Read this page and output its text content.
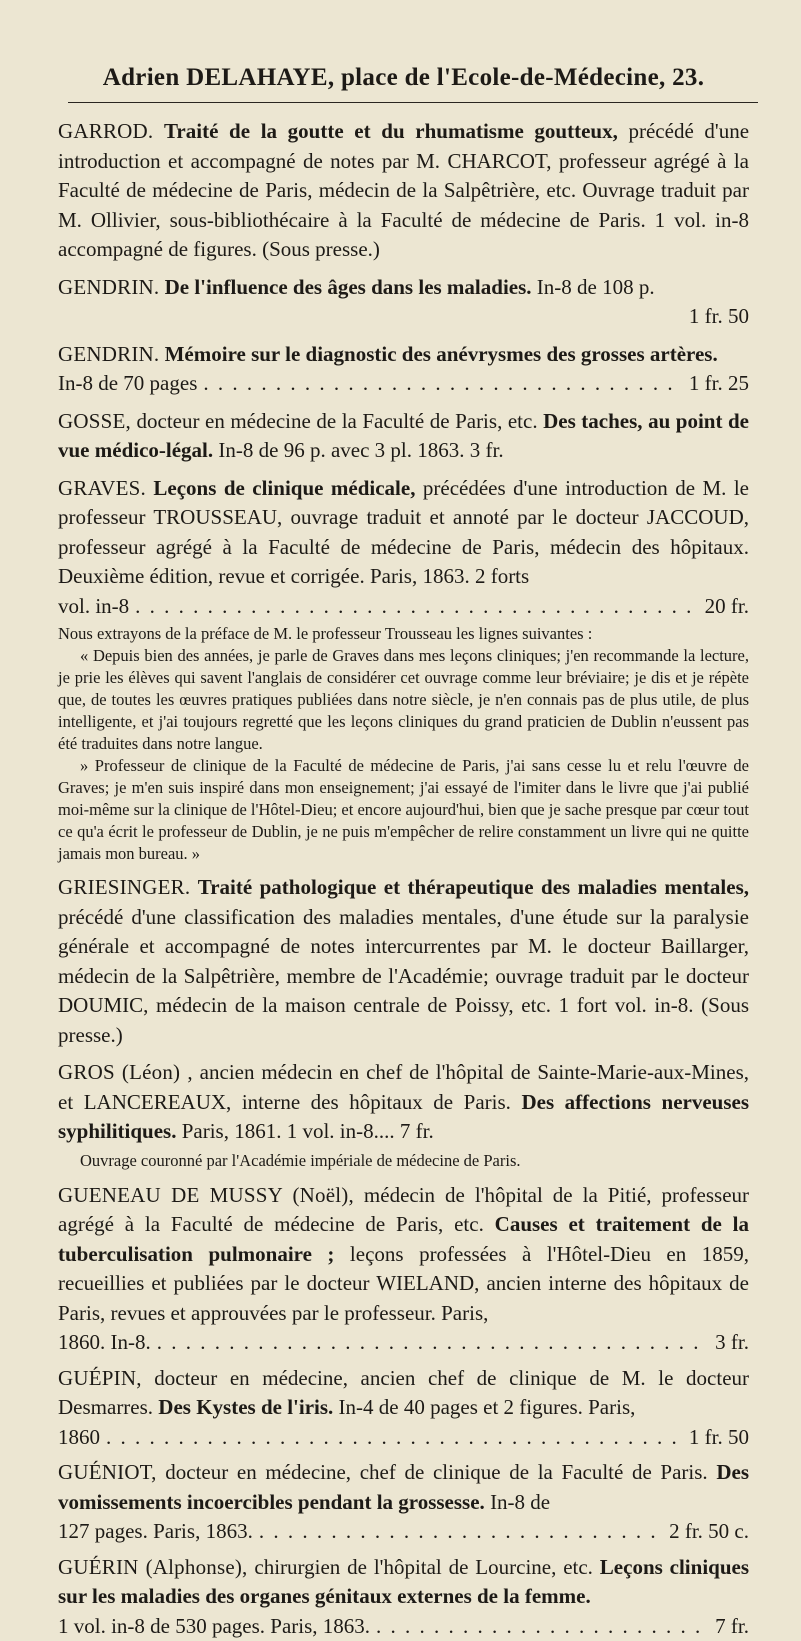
Adrien DELAHAYE, place de l'Ecole-de-Médecine, 23.

GARROD. Traité de la goutte et du rhumatisme goutteux, précédé d'une introduction et accompagné de notes par M. CHARCOT, professeur agrégé à la Faculté de médecine de Paris, médecin de la Salpêtrière, etc. Ouvrage traduit par M. Ollivier, sous-bibliothécaire à la Faculté de médecine de Paris. 1 vol. in-8 accompagné de figures. (Sous presse.)

GENDRIN. De l'influence des âges dans les maladies. In-8 de 108 p.

1 fr. 50

GENDRIN. Mémoire sur le diagnostic des anévrysmes des grosses artères.

In-8 de 70 pages . . .	1 fr. 25

GOSSE, docteur en médecine de la Faculté de Paris, etc. Des taches, au point de vue médico-légal. In-8 de 96 p. avec 3 pl. 1863. 3 fr.

GRAVES. Leçons de clinique médicale, précédées d'une introduction de M. le professeur TROUSSEAU, ouvrage traduit et annoté par le docteur JACCOUD, professeur agrégé à la Faculté de médecine de Paris, médecin des hôpitaux. Deuxième édition, revue et corrigée. Paris, 1863. 2 forts

vol. in-8 . . .	20 fr.

Nous extrayons de la préface de M. le professeur Trousseau les lignes suivantes :

« Depuis bien des années, je parle de Graves dans mes leçons cliniques; j'en recommande la lecture, je prie les élèves qui savent l'anglais de considérer cet ouvrage comme leur bréviaire; je dis et je répète que, de toutes les œuvres pratiques publiées dans notre siècle, je n'en connais pas de plus utile, de plus intelligente, et j'ai toujours regretté que les leçons cliniques du grand praticien de Dublin n'eussent pas été traduites dans notre langue.

» Professeur de clinique de la Faculté de médecine de Paris, j'ai sans cesse lu et relu l'œuvre de Graves; je m'en suis inspiré dans mon enseignement; j'ai essayé de l'imiter dans le livre que j'ai publié moi-même sur la clinique de l'Hôtel-Dieu; et encore aujourd'hui, bien que je sache presque par cœur tout ce qu'a écrit le professeur de Dublin, je ne puis m'empêcher de relire constamment un livre qui ne quitte jamais mon bureau. »

GRIESINGER. Traité pathologique et thérapeutique des maladies mentales, précédé d'une classification des maladies mentales, d'une étude sur la paralysie générale et accompagné de notes intercurrentes par M. le docteur Baillarger, médecin de la Salpêtrière, membre de l'Académie; ouvrage traduit par le docteur DOUMIC, médecin de la maison centrale de Poissy, etc. 1 fort vol. in-8. (Sous presse.)

GROS (Léon) , ancien médecin en chef de l'hôpital de Sainte-Marie-aux-Mines, et LANCEREAUX, interne des hôpitaux de Paris. Des affections nerveuses syphilitiques. Paris, 1861. 1 vol. in-8.... 7 fr.

Ouvrage couronné par l'Académie impériale de médecine de Paris.

GUENEAU DE MUSSY (Noël), médecin de l'hôpital de la Pitié, professeur agrégé à la Faculté de médecine de Paris, etc. Causes et traitement de la tuberculisation pulmonaire ; leçons professées à l'Hôtel-Dieu en 1859, recueillies et publiées par le docteur WIELAND, ancien interne des hôpitaux de Paris, revues et approuvées par le professeur. Paris,

1860. In-8. . . .	3 fr.

GUÉPIN, docteur en médecine, ancien chef de clinique de M. le docteur Desmarres. Des Kystes de l'iris. In-4 de 40 pages et 2 figures. Paris,

1860 . . .	1 fr. 50

GUÉNIOT, docteur en médecine, chef de clinique de la Faculté de Paris. Des vomissements incoercibles pendant la grossesse. In-8 de

127 pages. Paris, 1863. . . .	2 fr. 50 c.

GUÉRIN (Alphonse), chirurgien de l'hôpital de Lourcine, etc. Leçons cliniques sur les maladies des organes génitaux externes de la femme.

1 vol. in-8 de 530 pages. Paris, 1863. . . .	7 fr.
